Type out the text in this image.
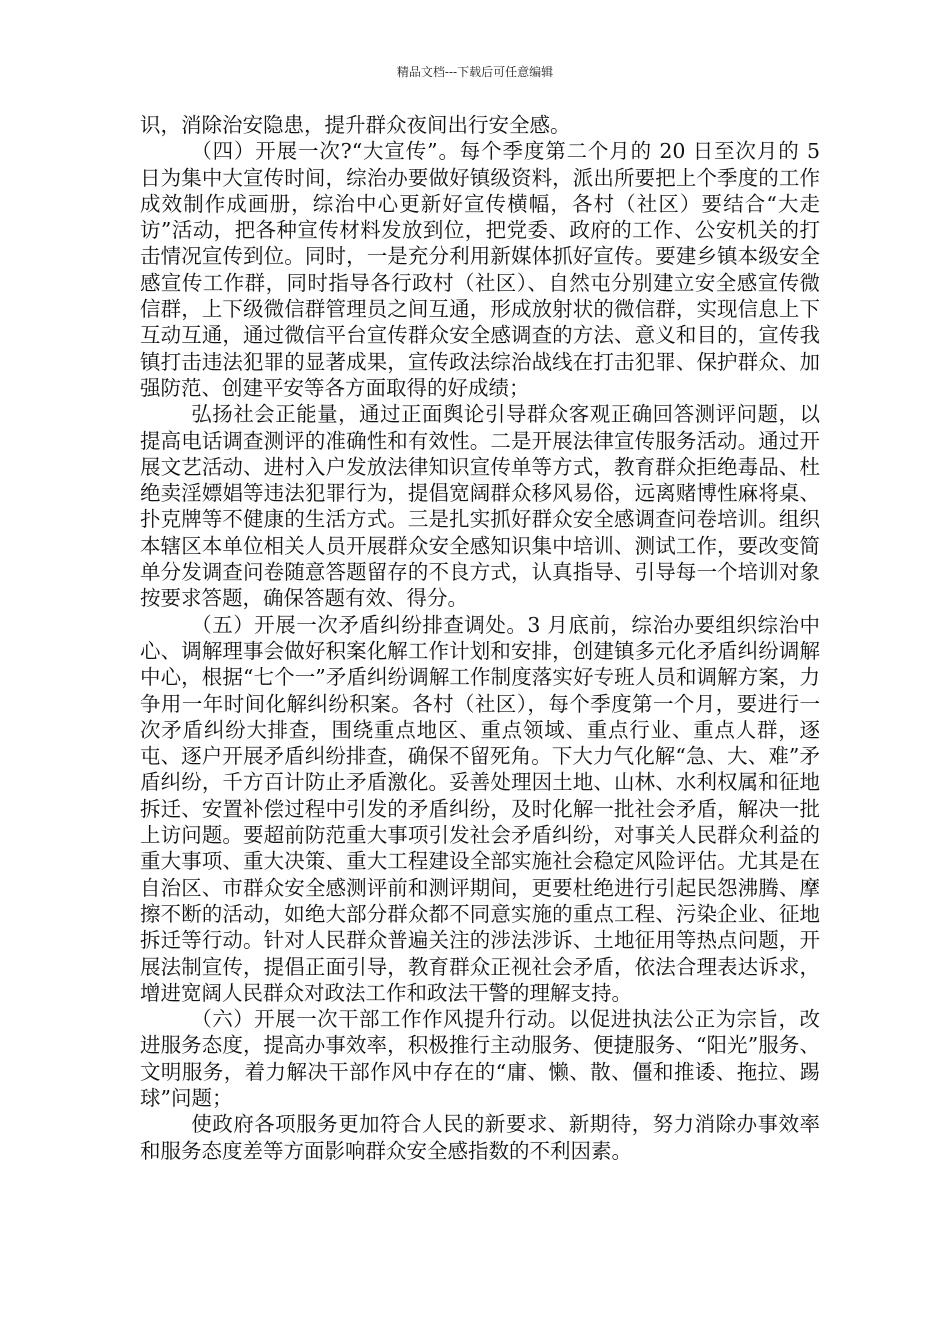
精品文档---下载后可任意编辑

识，消除治安隐患，提升群众夜间出行安全感。

（四）开展一次?“大宣传”。每个季度第二个月的 20 日至次月的 5 日为集中大宣传时间，综治办要做好镇级资料，派出所要把上个季度的工作成效制作成画册，综治中心更新好宣传横幅，各村（社区）要结合“大走访”活动，把各种宣传材料发放到位，把党委、政府的工作、公安机关的打击情况宣传到位。同时，一是充分利用新媒体抓好宣传。要建乡镇本级安全感宣传工作群，同时指导各行政村（社区）、自然屯分别建立安全感宣传微信群，上下级微信群管理员之间互通，形成放射状的微信群，实现信息上下互动互通，通过微信平台宣传群众安全感调查的方法、意义和目的，宣传我镇打击违法犯罪的显著成果，宣传政法综治战线在打击犯罪、保护群众、加强防范、创建平安等各方面取得的好成绩；

弘扬社会正能量，通过正面舆论引导群众客观正确回答测评问题，以提高电话调查测评的准确性和有效性。二是开展法律宣传服务活动。通过开展文艺活动、进村入户发放法律知识宣传单等方式，教育群众拒绝毒品、杜绝卖淫嫖娼等违法犯罪行为，提倡宽阔群众移风易俗，远离赌博性麻将桌、扑克牌等不健康的生活方式。三是扎实抓好群众安全感调查问卷培训。组织本辖区本单位相关人员开展群众安全感知识集中培训、测试工作，要改变简单分发调查问卷随意答题留存的不良方式，认真指导、引导每一个培训对象按要求答题，确保答题有效、得分。

（五）开展一次矛盾纠纷排查调处。3 月底前，综治办要组织综治中心、调解理事会做好积案化解工作计划和安排，创建镇多元化矛盾纠纷调解中心，根据“七个一”矛盾纠纷调解工作制度落实好专班人员和调解方案，力争用一年时间化解纠纷积案。各村（社区），每个季度第一个月，要进行一次矛盾纠纷大排查，围绕重点地区、重点领域、重点行业、重点人群，逐屯、逐户开展矛盾纠纷排查，确保不留死角。下大力气化解“急、大、难”矛盾纠纷，千方百计防止矛盾激化。妥善处理因土地、山林、水利权属和征地拆迁、安置补偿过程中引发的矛盾纠纷，及时化解一批社会矛盾，解决一批上访问题。要超前防范重大事项引发社会矛盾纠纷，对事关人民群众利益的重大事项、重大决策、重大工程建设全部实施社会稳定风险评估。尤其是在自治区、市群众安全感测评前和测评期间，更要杜绝进行引起民怨沸腾、摩擦不断的活动，如绝大部分群众都不同意实施的重点工程、污染企业、征地拆迁等行动。针对人民群众普遍关注的涉法涉诉、土地征用等热点问题，开展法制宣传，提倡正面引导，教育群众正视社会矛盾，依法合理表达诉求，增进宽阔人民群众对政法工作和政法干警的理解支持。

（六）开展一次干部工作作风提升行动。以促进执法公正为宗旨，改进服务态度，提高办事效率，积极推行主动服务、便捷服务、“阳光”服务、文明服务，着力解决干部作风中存在的“庸、懒、散、僵和推诿、拖拉、踢球”问题；

使政府各项服务更加符合人民的新要求、新期待，努力消除办事效率和服务态度差等方面影响群众安全感指数的不利因素。
